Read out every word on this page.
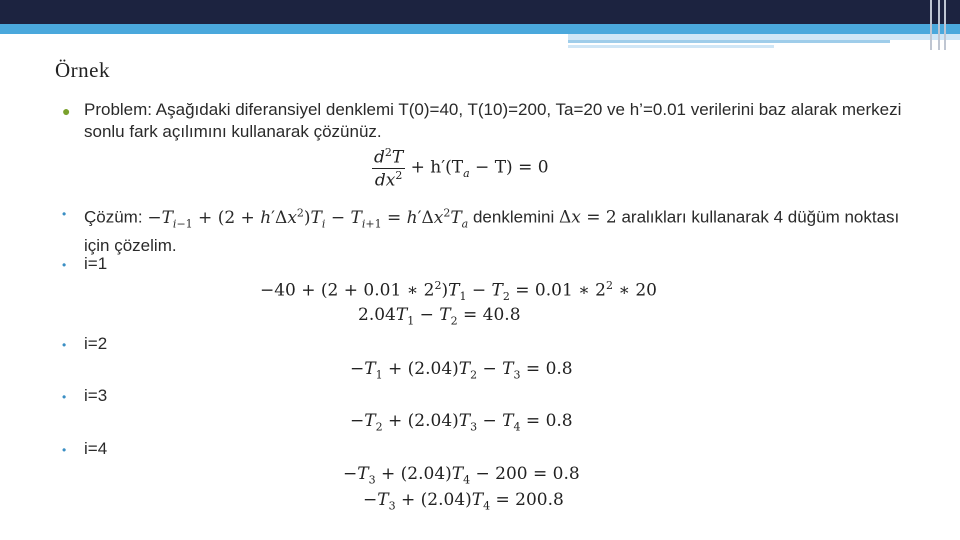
Örnek
● Problem: Aşağıdaki diferansiyel denklemi T(0)=40, T(10)=200, Ta=20 ve h’=0.01 verilerini baz alarak merkezi sonlu fark açılımını kullanarak çözünüz.
$\frac{d^2T}{dx^2} + h'(T_a - T) = 0$
• Çözüm: $-T_{i-1} + (2 + h'\Delta x^2)T_i - T_{i+1} = h'\Delta x^2T_a$ denklemini Δx = 2 aralıkları kullanarak 4 düğüm noktası için çözelim.
• i=1
−40 + (2 + 0.01 ∗ $2^2)T_1 - T_2 = 0.01$ ∗ $2^2$ ∗ 20
$2.04T_1 - T_2 = 40.8$
• i=2
$-T_1 + (2.04)T_2 - T_3 = 0.8$
• i=3
$-T_2 + (2.04)T_3 - T_4 = 0.8$
• i=4
$-T_3 + (2.04)T_4 - 200 = 0.8$
$-T_3 + (2.04)T_4 = 200.8$
